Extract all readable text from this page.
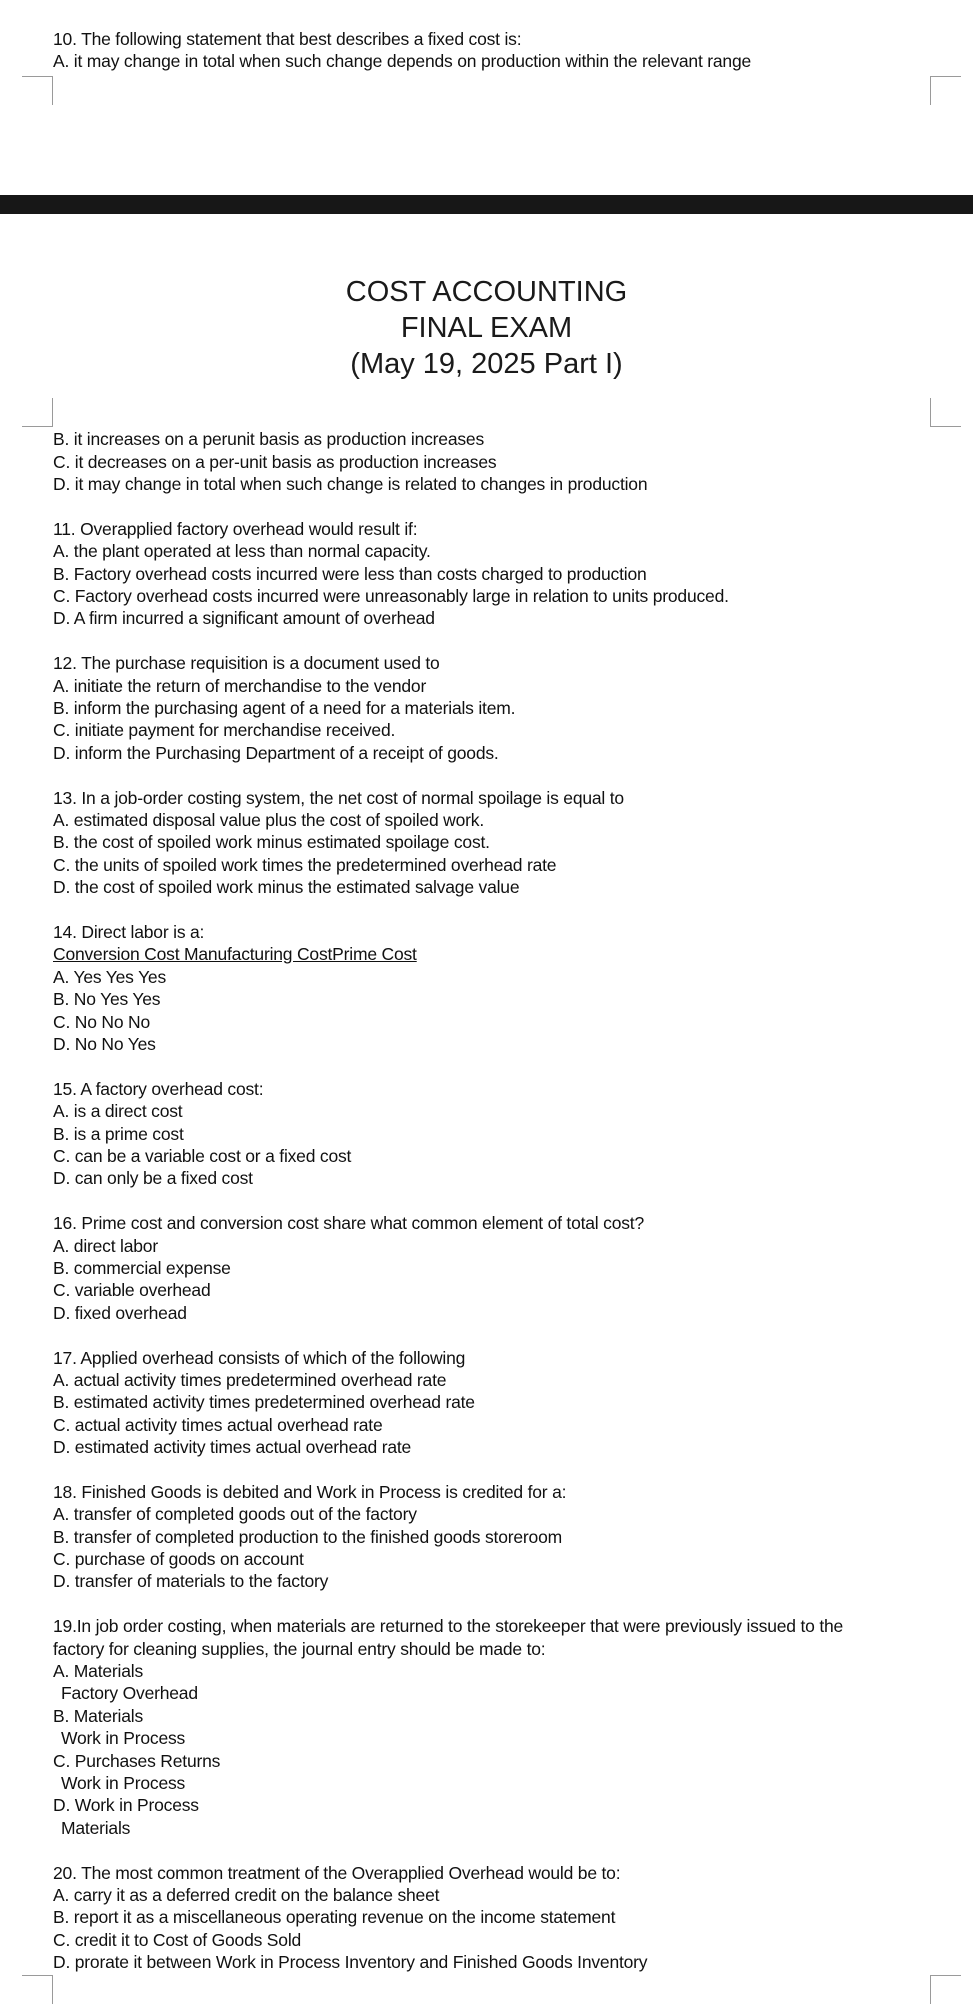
10. The following statement that best describes a fixed cost is:
A. it may change in total when such change depends on production within the relevant range
COST ACCOUNTING
FINAL EXAM
(May 19, 2025 Part I)
B. it increases on a perunit basis as production increases
C. it decreases on a per-unit basis as production increases
D. it may change in total when such change is related to changes in production
11. Overapplied factory overhead would result if:
A. the plant operated at less than normal capacity.
B. Factory overhead costs incurred were less than costs charged to production
C. Factory overhead costs incurred were unreasonably large in relation to units produced.
D. A firm incurred a significant amount of overhead
12. The purchase requisition is a document used to
A. initiate the return of merchandise to the vendor
B. inform the purchasing agent of a need for a materials item.
C. initiate payment for merchandise received.
D. inform the Purchasing Department of a receipt of goods.
13. In a job-order costing system, the net cost of normal spoilage is equal to
A. estimated disposal value plus the cost of spoiled work.
B. the cost of spoiled work minus estimated spoilage cost.
C. the units of spoiled work times the predetermined overhead rate
D. the cost of spoiled work minus the estimated salvage value
14. Direct labor is a:
Conversion Cost Manufacturing CostPrime Cost
A. Yes Yes Yes
B. No Yes Yes
C. No No No
D. No No Yes
15. A factory overhead cost:
A. is a direct cost
B. is a prime cost
C. can be a variable cost or a fixed cost
D. can only be a fixed cost
16. Prime cost and conversion cost share what common element of total cost?
A. direct labor
B. commercial expense
C. variable overhead
D. fixed overhead
17. Applied overhead consists of which of the following
A. actual activity times predetermined overhead rate
B. estimated activity times predetermined overhead rate
C. actual activity times actual overhead rate
D. estimated activity times actual overhead rate
18. Finished Goods is debited and Work in Process is credited for a:
A. transfer of completed goods out of the factory
B. transfer of completed production to the finished goods storeroom
C. purchase of goods on account
D. transfer of materials to the factory
19.In job order costing, when materials are returned to the storekeeper that were previously issued to the
factory for cleaning supplies, the journal entry should be made to:
A. Materials
Factory Overhead
B. Materials
Work in Process
C. Purchases Returns
Work in Process
D. Work in Process
Materials
20. The most common treatment of the Overapplied Overhead would be to:
A. carry it as a deferred credit on the balance sheet
B. report it as a miscellaneous operating revenue on the income statement
C. credit it to Cost of Goods Sold
D. prorate it between Work in Process Inventory and Finished Goods Inventory
